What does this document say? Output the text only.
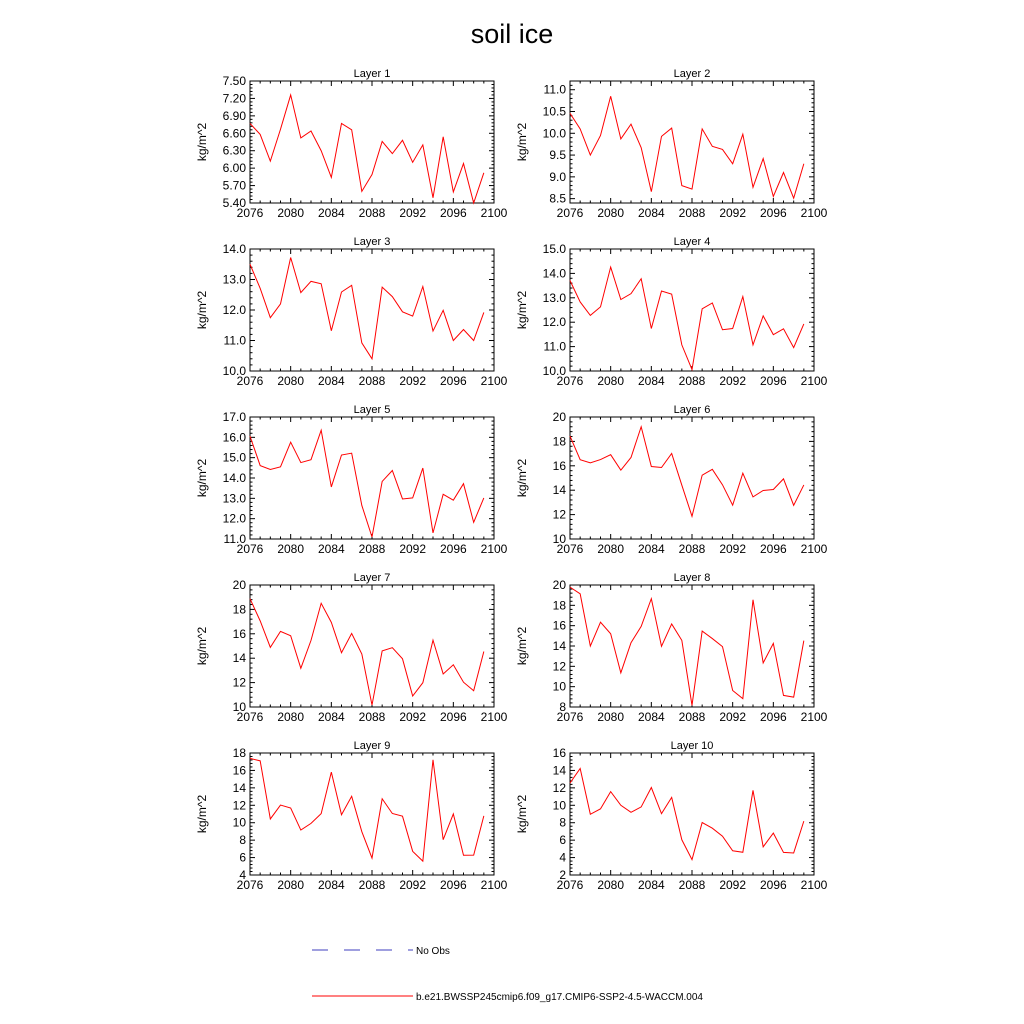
soil ice
Layer 1
kg/m^2
2076 2080 2084 2088 2092 2096 2100
5.40
5.70
6.00
6.30
6.60
6.90
7.20
7.50	Layer 2
kg/m^2
2076 2080 2084 2088 2092 2096 2100
8.5
9.0
9.5
10.0
10.5
11.0
Layer 3
kg/m^2
2076 2080 2084 2088 2092 2096 2100
10.0
11.0
12.0
13.0
14.0	Layer 4
kg/m^2
2076 2080 2084 2088 2092 2096 2100
10.0
11.0
12.0
13.0
14.0
15.0
Layer 5
kg/m^2
2076 2080 2084 2088 2092 2096 2100
11.0
12.0
13.0
14.0
15.0
16.0
17.0	Layer 6
kg/m^2
2076 2080 2084 2088 2092 2096 2100
10
12
14
16
18
20
Layer 7
kg/m^2
2076 2080 2084 2088 2092 2096 2100
10
12
14
16
18
20	Layer 8
kg/m^2
2076 2080 2084 2088 2092 2096 2100
8
10
12
14
16
18
20
Layer 9
kg/m^2
2076 2080 2084 2088 2092 2096 2100
4
6
8
10
12
14
16
18	Layer 10
kg/m^2
2076 2080 2084 2088 2092 2096 2100
2
4
6
8
10
12
14
16
No Obs
b.e21.BWSSP245cmip6.f09_g17.CMIP6-SSP2-4.5-WACCM.004
